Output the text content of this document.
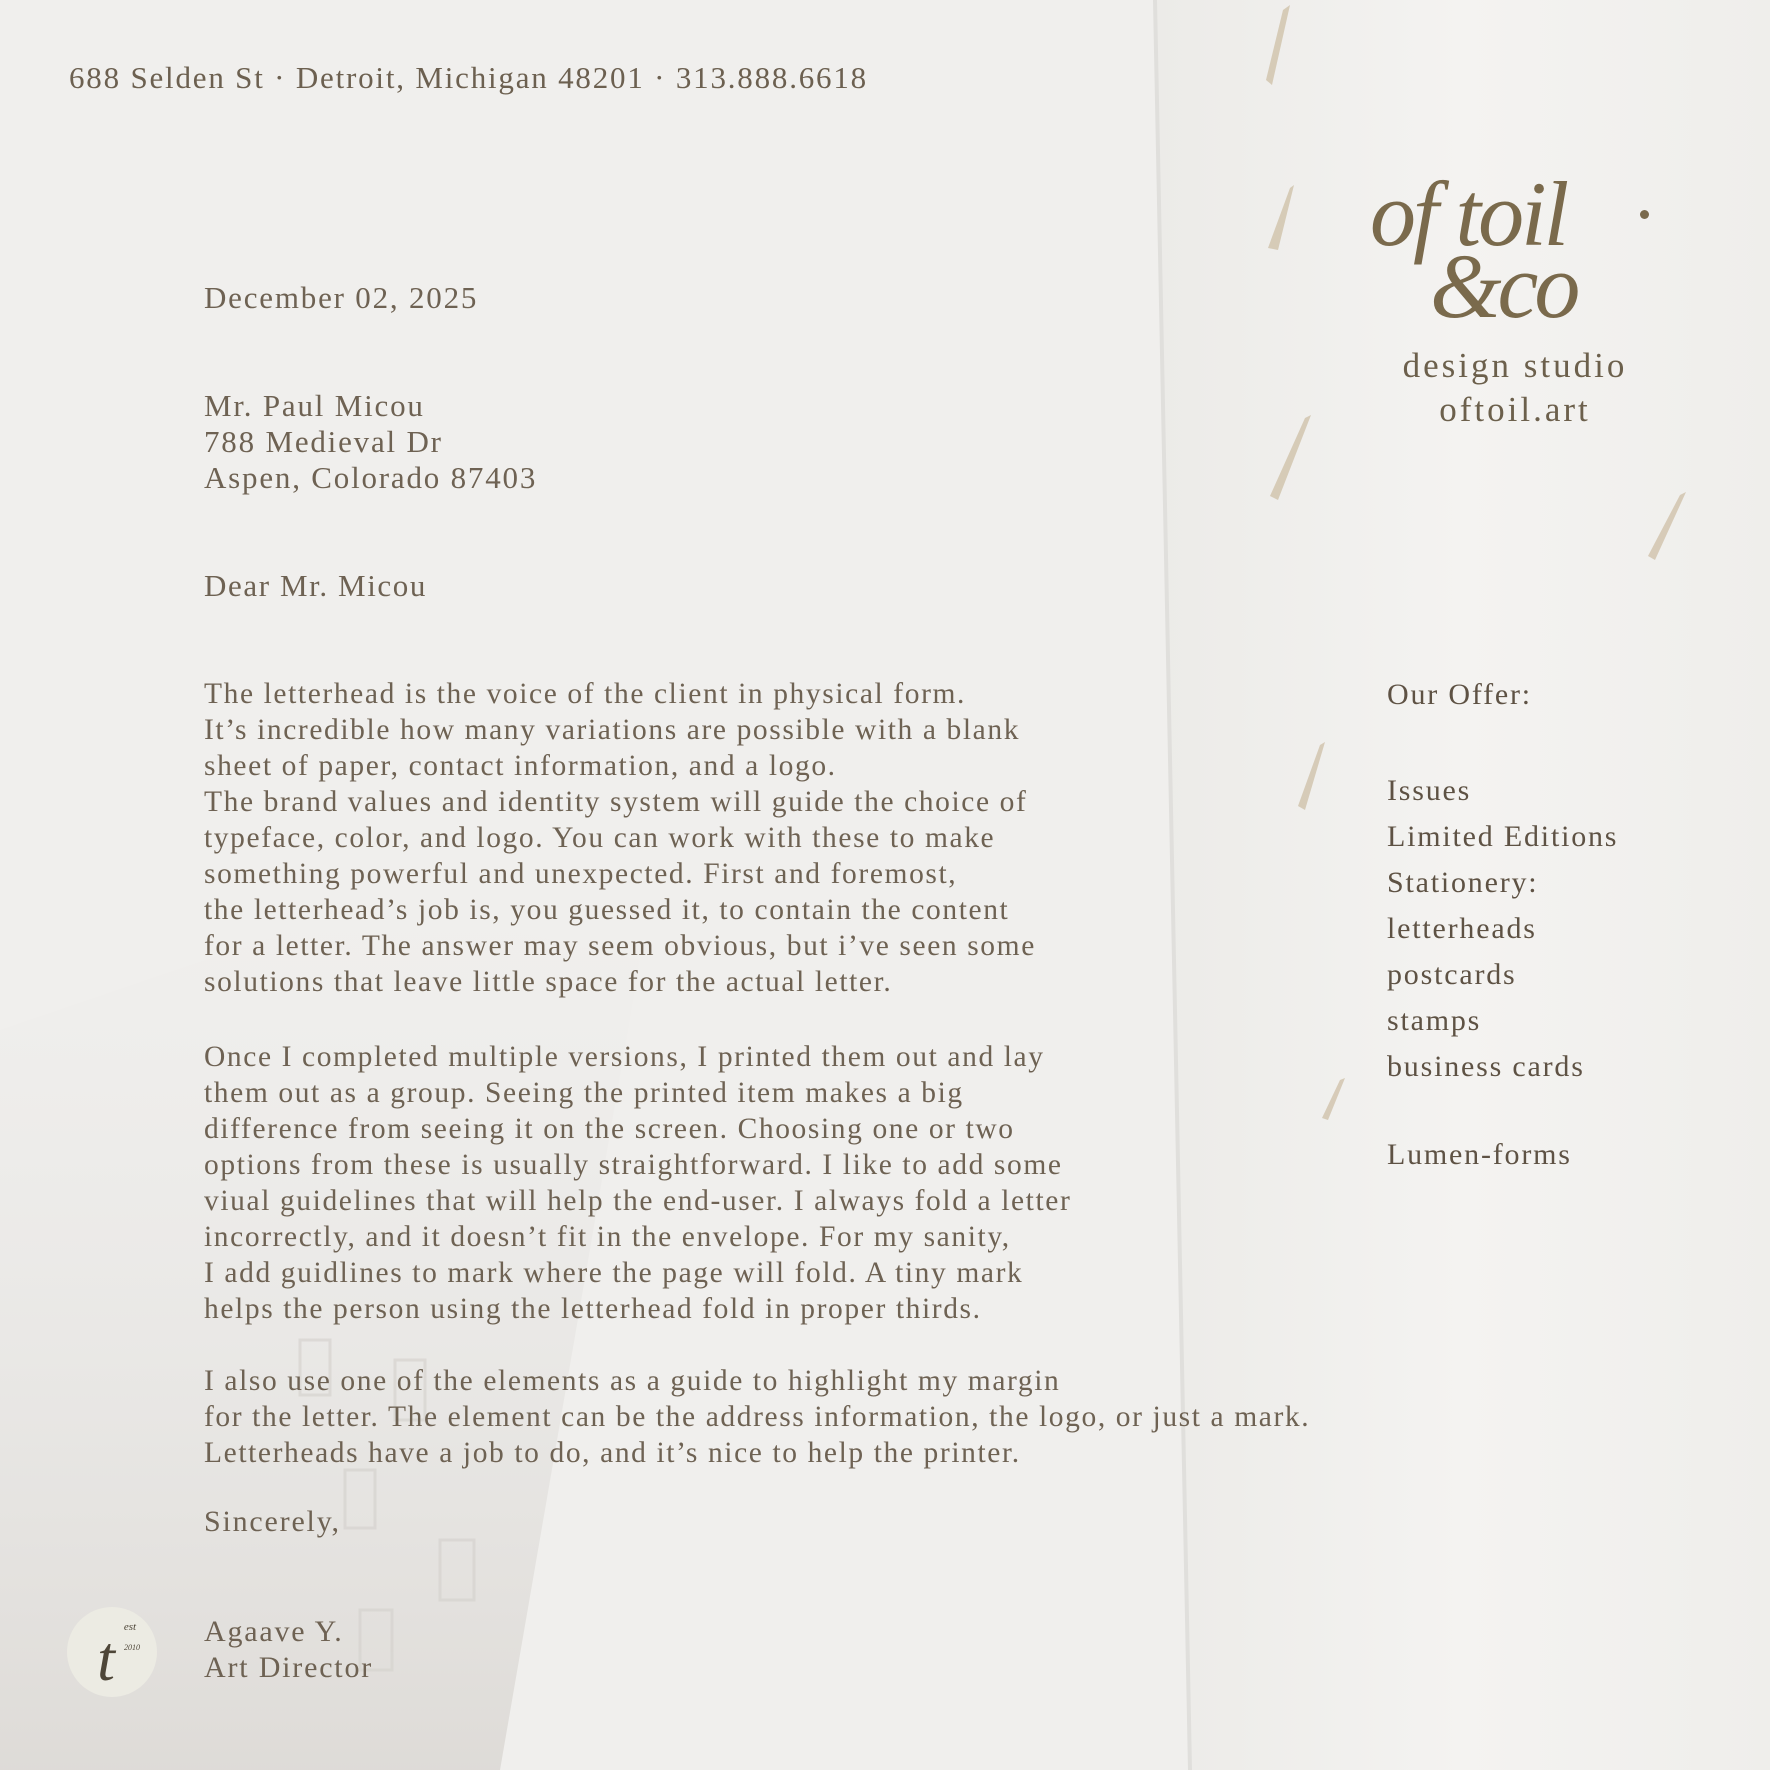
688 Selden St · Detroit, Michigan 48201 · 313.888.6618
of toil
&co
design studio
oftoil.art
December 02, 2025
Mr. Paul Micou
788 Medieval Dr
Aspen, Colorado 87403
Dear Mr. Micou

The letterhead is the voice of the client in physical form.
It’s incredible how many variations are possible with a blank
sheet of paper, contact information, and a logo.
The brand values and identity system will guide the choice of
typeface, color, and logo. You can work with these to make
something powerful and unexpected. First and foremost,
the letterhead’s job is, you guessed it, to contain the content
for a letter. The answer may seem obvious, but i’ve seen some
solutions that leave little space for the actual letter.

Once I completed multiple versions, I printed them out and lay
them out as a group. Seeing the printed item makes a big
difference from seeing it on the screen. Choosing one or two
options from these is usually straightforward. I like to add some
viual guidelines that will help the end-user. I always fold a letter
incorrectly, and it doesn’t fit in the envelope. For my sanity,
I add guidlines to mark where the page will fold. A tiny mark
helps the person using the letterhead fold in proper thirds.

I also use one of the elements as a guide to highlight my margin
for the letter. The element can be the address information, the logo, or just a mark.
Letterheads have a job to do, and it’s nice to help the printer.

Sincerely,
Agaave Y.
Art Director
Our Offer:
Issues
Limited Editions
Stationery:
letterheads
postcards
stamps
business cards
Lumen-forms
t est
2010
